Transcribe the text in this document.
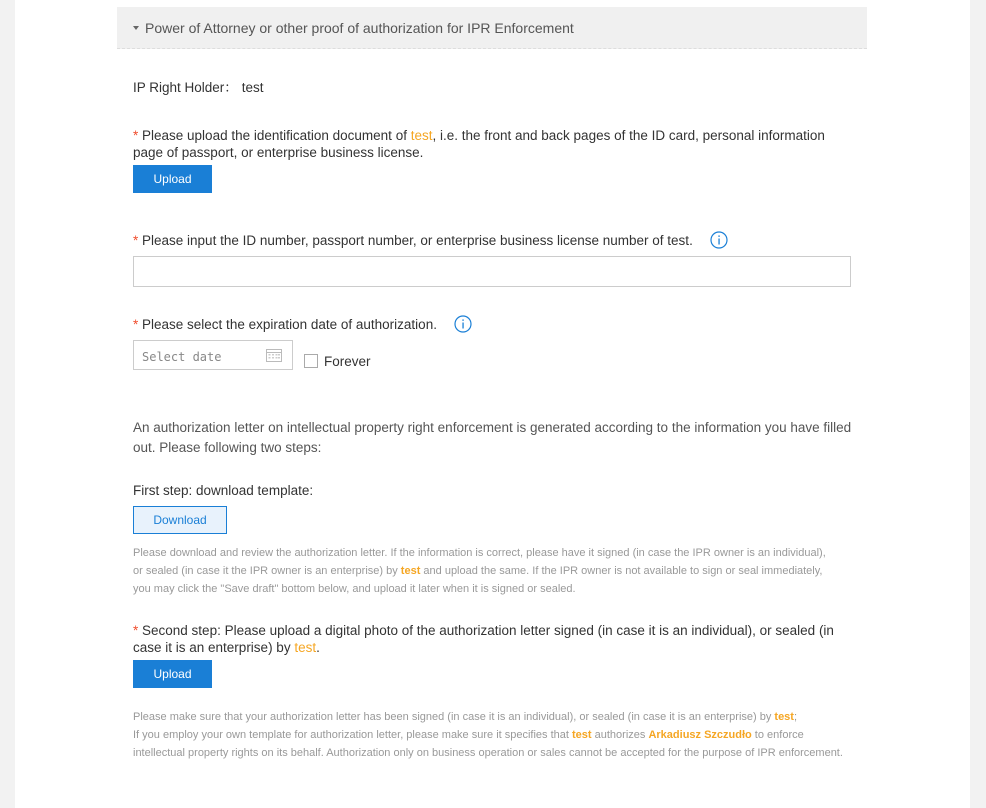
Power of Attorney or other proof of authorization for IPR Enforcement
IP Right Holder： test
* Please upload the identification document of test, i.e. the front and back pages of the ID card, personal information page of passport, or enterprise business license.
Upload
* Please input the ID number, passport number, or enterprise business license number of test.
* Please select the expiration date of authorization.
Select date	Forever
An authorization letter on intellectual property right enforcement is generated according to the information you have filled out. Please following two steps:
First step: download template:
Download
Please download and review the authorization letter. If the information is correct, please have it signed (in case the IPR owner is an individual), or sealed (in case it the IPR owner is an enterprise) by test and upload the same. If the IPR owner is not available to sign or seal immediately, you may click the "Save draft" bottom below, and upload it later when it is signed or sealed.
* Second step: Please upload a digital photo of the authorization letter signed (in case it is an individual), or sealed (in case it is an enterprise) by test.
Upload
Please make sure that your authorization letter has been signed (in case it is an individual), or sealed (in case it is an enterprise) by test;
If you employ your own template for authorization letter, please make sure it specifies that test authorizes Arkadiusz Szczudło to enforce intellectual property rights on its behalf. Authorization only on business operation or sales cannot be accepted for the purpose of IPR enforcement.
